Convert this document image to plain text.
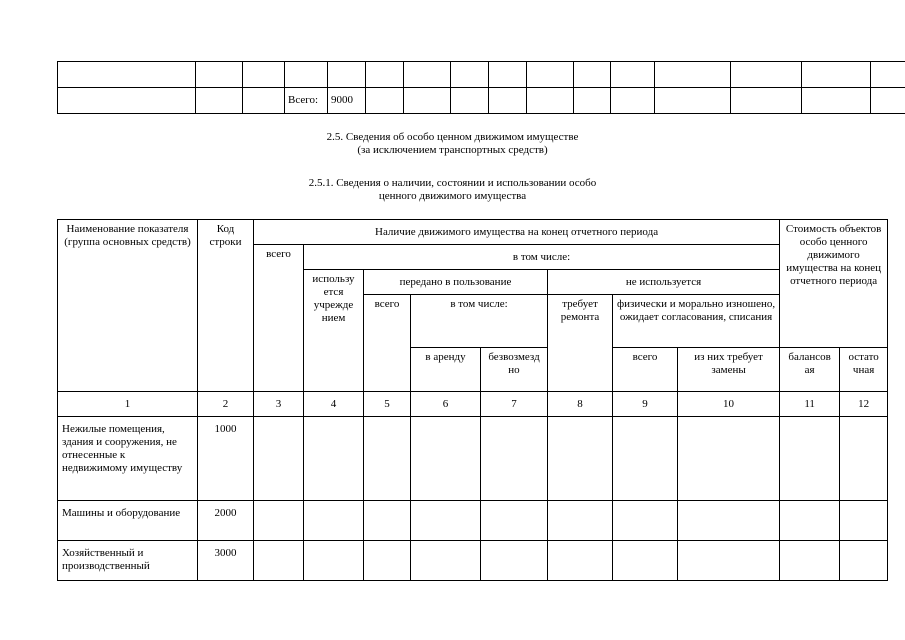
			Всего:	9000											
2.5. Сведения об особо ценном движимом имуществе
(за исключением транспортных средств)
2.5.1. Сведения о наличии, состоянии и использовании особо
ценного движимого имущества
Наименование показателя (группа основных средств)	Код строки	Наличие движимого имущества на конец отчетного периода								Стоимость объектов особо ценного движимого имущества на конец отчетного периода	
		всего	в том числе:								
			использу ется учрежде нием	передано в пользование			не используется				
				всего	в том числе:		требует ремонта	физически и морально изношено, ожидает согласования, списания			
					в аренду	безвозмезд но		всего	из них требует замены	балансов ая	остато чная
1	2	3	4	5	6	7	8	9	10	11	12
Нежилые помещения, здания и сооружения, не отнесенные к недвижимому имуществу	1000										
Машины и оборудование	2000										
Хозяйственный и производственный	3000										
